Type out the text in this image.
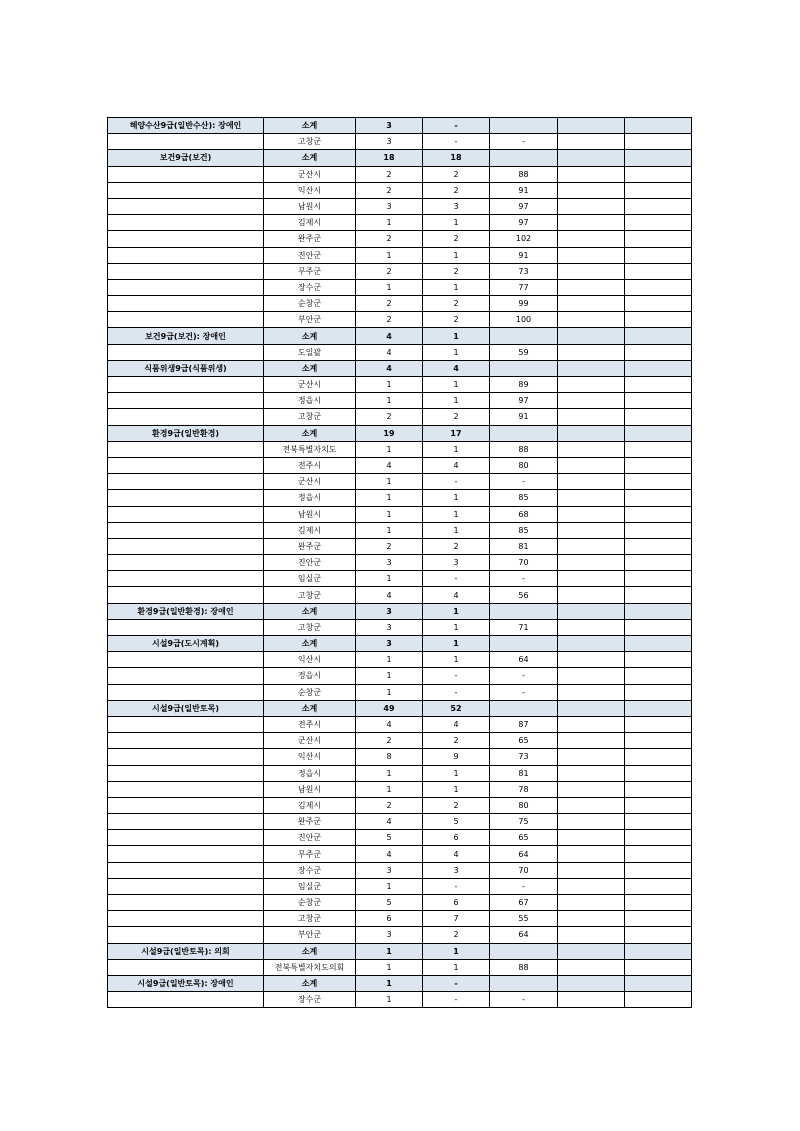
해양수산9급(일반수산): 장애인	소계	3	-			
	고창군	3	-	-		
보건9급(보건)	소계	18	18			
	군산시	2	2	88		
	익산시	2	2	91		
	남원시	3	3	97		
	김제시	1	1	97		
	완주군	2	2	102		
	진안군	1	1	91		
	무주군	2	2	73		
	장수군	1	1	77		
	순창군	2	2	99		
	부안군	2	2	100		
보건9급(보건): 장애인	소계	4	1			
	도일괄	4	1	59		
식품위생9급(식품위생)	소계	4	4			
	군산시	1	1	89		
	정읍시	1	1	97		
	고창군	2	2	91		
환경9급(일반환경)	소계	19	17			
	전북특별자치도	1	1	88		
	전주시	4	4	80		
	군산시	1	-	-		
	정읍시	1	1	85		
	남원시	1	1	68		
	김제시	1	1	85		
	완주군	2	2	81		
	진안군	3	3	70		
	임실군	1	-	-		
	고창군	4	4	56		
환경9급(일반환경): 장애인	소계	3	1			
	고창군	3	1	71		
시설9급(도시계획)	소계	3	1			
	익산시	1	1	64		
	정읍시	1	-	-		
	순창군	1	-	-		
시설9급(일반토목)	소계	49	52			
	전주시	4	4	87		
	군산시	2	2	65		
	익산시	8	9	73		
	정읍시	1	1	81		
	남원시	1	1	78		
	김제시	2	2	80		
	완주군	4	5	75		
	진안군	5	6	65		
	무주군	4	4	64		
	장수군	3	3	70		
	임실군	1	-	-		
	순창군	5	6	67		
	고창군	6	7	55		
	부안군	3	2	64		
시설9급(일반토목): 의회	소계	1	1			
	전북특별자치도의회	1	1	88		
시설9급(일반토목): 장애인	소계	1	-			
	장수군	1	-	-		
